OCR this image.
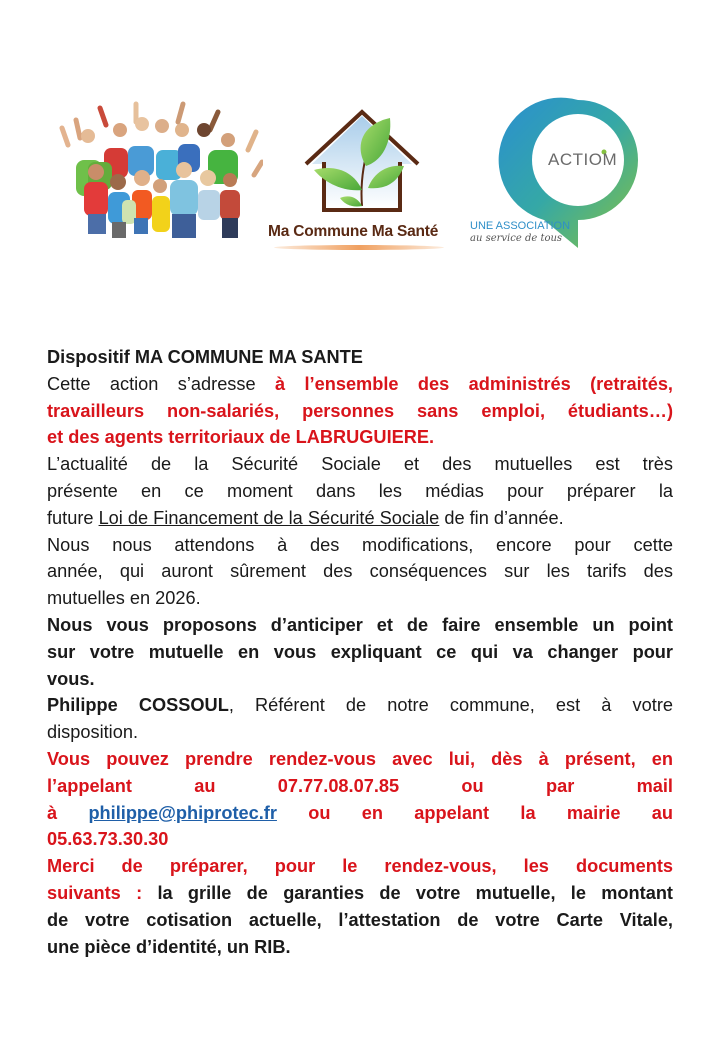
Ma Commune Ma Santé
ACTIOM
UNE ASSOCIATION
au service de tous

Dispositif MA COMMUNE MA SANTE

Cette action s’adresse à l’ensemble des administrés (retraités,
travailleurs non-salariés, personnes sans emploi, étudiants…)
et des agents territoriaux de LABRUGUIERE.

L’actualité de la Sécurité Sociale et des mutuelles est très
présente en ce moment dans les médias pour préparer la
future Loi de Financement de la Sécurité Sociale de fin d’année.

Nous nous attendons à des modifications, encore pour cette
année, qui auront sûrement des conséquences sur les tarifs des
mutuelles en 2026.

Nous vous proposons d’anticiper et de faire ensemble un point
sur votre mutuelle en vous expliquant ce qui va changer pour
vous.

Philippe COSSOUL, Référent de notre commune, est à votre
disposition.

Vous pouvez prendre rendez-vous avec lui, dès à présent, en
l’appelant au 07.77.08.07.85 ou par mail
à philippe@phiprotec.fr ou en appelant la mairie au
05.63.73.30.30

Merci de préparer, pour le rendez-vous, les documents
suivants : la grille de garanties de votre mutuelle, le montant
de votre cotisation actuelle, l’attestation de votre Carte Vitale,
une pièce d’identité, un RIB.
